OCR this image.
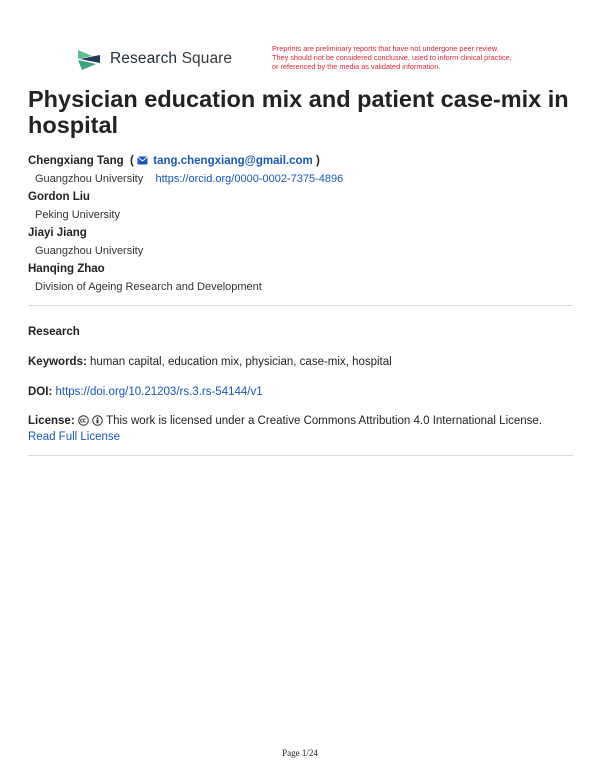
Research Square
Preprints are preliminary reports that have not undergone peer review.
They should not be considered conclusive, used to inform clinical practice,
or referenced by the media as validated information.
Physician education mix and patient case-mix in hospital
Chengxiang Tang  ( tang.chengxiang@gmail.com )
Guangzhou University https://orcid.org/0000-0002-7375-4896
Gordon Liu
Peking University
Jiayi Jiang
Guangzhou University
Hanqing Zhao
Division of Ageing Research and Development
Research
Keywords: human capital, education mix, physician, case-mix, hospital
DOI: https://doi.org/10.21203/rs.3.rs-54144/v1
License:	This work is licensed under a Creative Commons Attribution 4.0 International License.
Read Full License
Page 1/24
